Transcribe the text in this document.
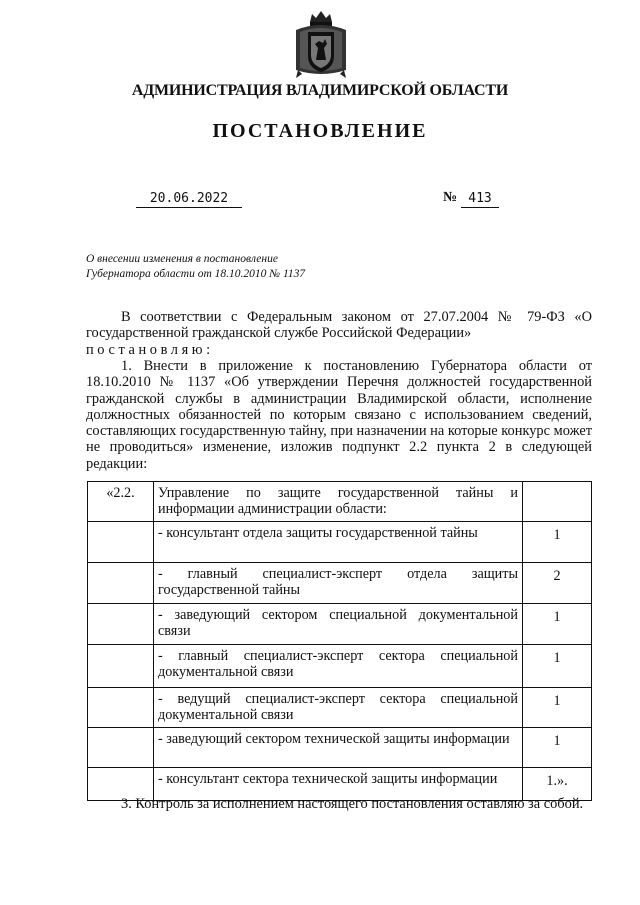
АДМИНИСТРАЦИЯ ВЛАДИМИРСКОЙ ОБЛАСТИ
ПОСТАНОВЛЕНИЕ
20.06.2022	№ 413
О внесении изменения в постановление
Губернатора области от 18.10.2010 № 1137
В соответствии с Федеральным законом от 27.07.2004 № 79-ФЗ «О государственной гражданской службе Российской Федерации»
постановляю:
1. Внести в приложение к постановлению Губернатора области от 18.10.2010 № 1137 «Об утверждении Перечня должностей государственной гражданской службы в администрации Владимирской области, исполнение должностных обязанностей по которым связано с использованием сведений, составляющих государственную тайну, при назначении на которые конкурс может не проводиться» изменение, изложив подпункт 2.2 пункта 2 в следующей редакции:
«2.2.	Управление по защите государственной тайны и информации администрации области:	
	- консультант отдела защиты государственной тайны	1
	- главный специалист-эксперт отдела защиты государственной тайны	2
	- заведующий сектором специальной документальной связи	1
	- главный специалист-эксперт сектора специальной документальной связи	1
	- ведущий специалист-эксперт сектора специальной документальной связи	1
	- заведующий сектором технической защиты информации	1
	- консультант сектора технической защиты информации	1.».
3. Контроль за исполнением настоящего постановления оставляю за собой.
